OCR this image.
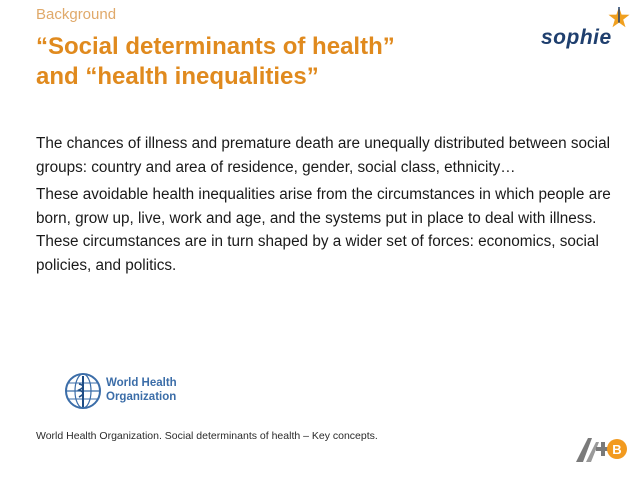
Background
“Social determinants of health”
and “health inequalities”
sophie

The chances of illness and premature death are unequally distributed between social groups: country and area of residence, gender, social class, ethnicity…

These avoidable health inequalities arise from the circumstances in which people are born, grow up, live, work and age, and the systems put in place to deal with illness. These circumstances are in turn shaped by a wider set of forces: economics, social policies, and politics.

World Health
Organization
World Health Organization. Social determinants of health – Key concepts.
B
